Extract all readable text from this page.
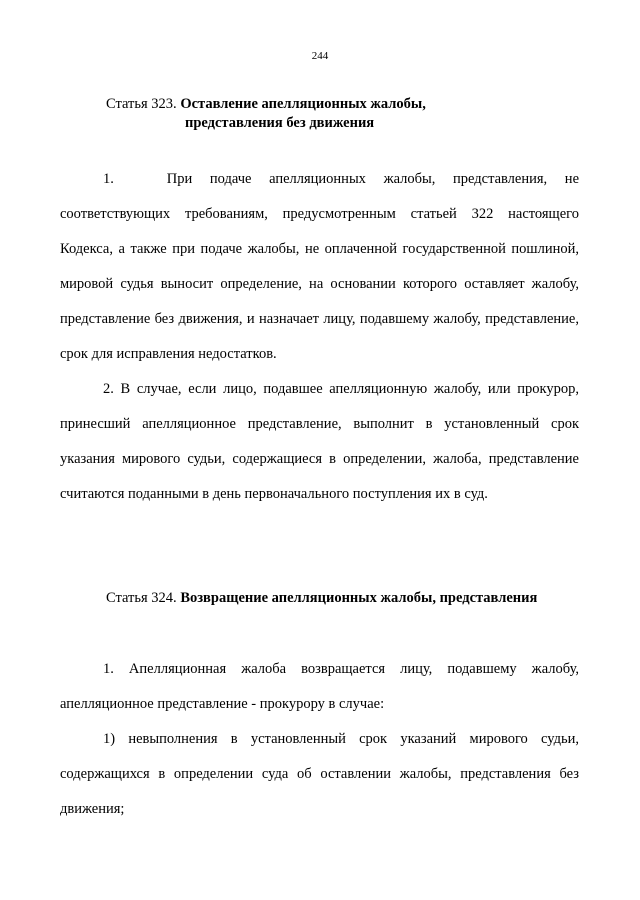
244
Статья 323. Оставление апелляционных жалобы,
представления без движения

1.   При подаче апелляционных жалобы, представления, не соответствующих требованиям, предусмотренным статьей 322 настоящего Кодекса, а также при подаче жалобы, не оплаченной государственной пошлиной, мировой судья выносит определение, на основании которого оставляет жалобу, представление без движения, и назначает лицу, подавшему жалобу, представление, срок для исправления недостатков.

2. В случае, если лицо, подавшее апелляционную жалобу, или прокурор, принесший апелляционное представление, выполнит в установленный срок указания мирового судьи, содержащиеся в определении, жалоба, представление считаются поданными в день первоначального поступления их в суд.

Статья 324. Возвращение апелляционных жалобы, представления

1. Апелляционная жалоба возвращается лицу, подавшему жалобу, апелляционное представление - прокурору в случае:

1) невыполнения в установленный срок указаний мирового судьи, содержащихся в определении суда об оставлении жалобы, представления без движения;
